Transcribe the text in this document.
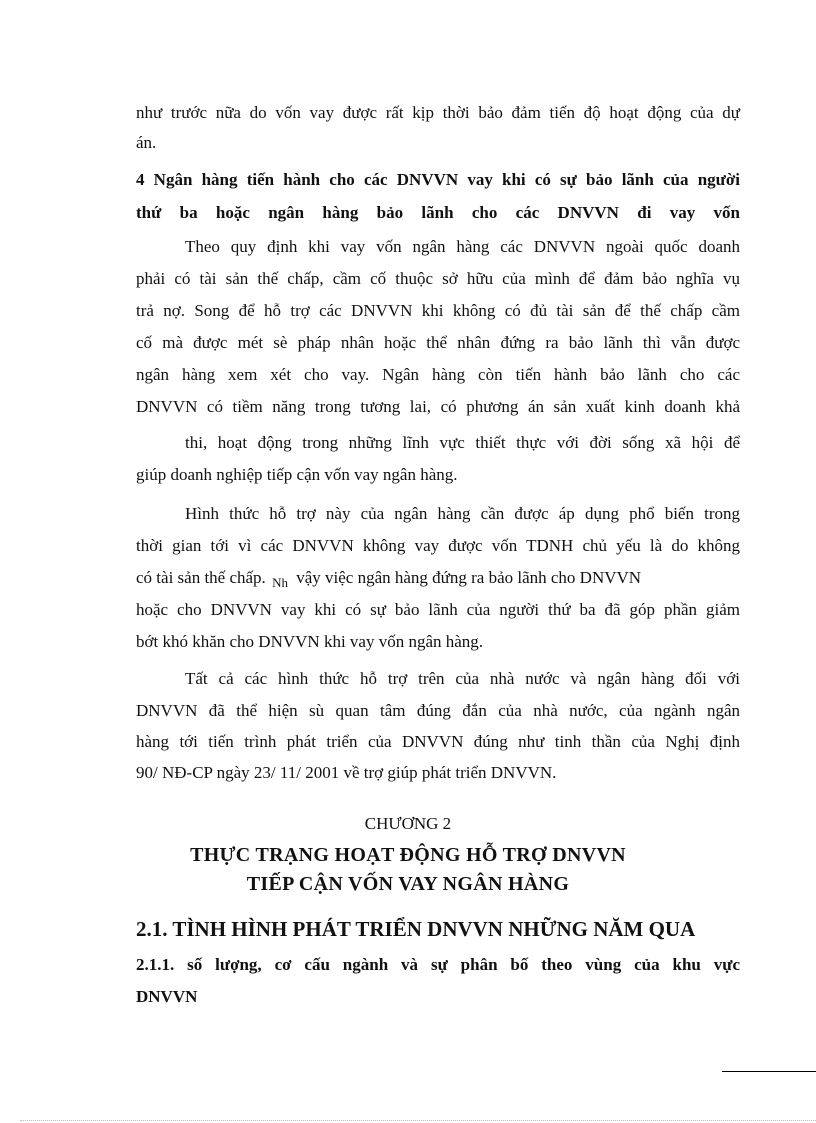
như trước nữa do vốn vay được rất kịp thời bảo đảm tiến độ hoạt động của dự
án.
4 Ngân hàng tiến hành cho các DNVVN vay khi có sự bảo lãnh của người
thứ ba hoặc ngân hàng bảo lãnh cho các DNVVN đi vay vốn
Theo quy định khi vay vốn ngân hàng các DNVVN ngoài quốc doanh
phải có tài sản thế chấp, cầm cố thuộc sở hữu của mình để đảm bảo nghĩa vụ
trả nợ. Song để hỗ trợ các DNVVN khi không có đủ tài sản để thế chấp cầm
cố mà được mét sè pháp nhân hoặc thể nhân đứng ra bảo lãnh thì vẫn được
ngân hàng xem xét cho vay. Ngân hàng còn tiến hành bảo lãnh cho các
DNVVN có tiềm năng trong tương lai, có phương án sản xuất kinh doanh khả
thi, hoạt động trong những lĩnh vực thiết thực với đời sống xã hội để
giúp doanh nghiệp tiếp cận vốn vay ngân hàng.
Hình thức hỗ trợ này của ngân hàng cần được áp dụng phổ biến trong
thời gian tới vì các DNVVN không vay được vốn TDNH chủ yếu là do không
có tài sản thế chấp. $_{Nh}$ vậy việc ngân hàng đứng ra bảo lãnh cho DNVVN
hoặc cho DNVVN vay khi có sự bảo lãnh của người thứ ba đã góp phần giảm
bớt khó khăn cho DNVVN khi vay vốn ngân hàng.
Tất cả các hình thức hỗ trợ trên của nhà nước và ngân hàng đối với
DNVVN đã thể hiện sù quan tâm đúng đắn của nhà nước, của ngành ngân
hàng tới tiến trình phát triển của DNVVN đúng như tinh thần của Nghị định
90/ NĐ-CP ngày 23/ 11/ 2001 về trợ giúp phát triển DNVVN.
CHƯƠNG 2
THỰC TRẠNG HOẠT ĐỘNG HỖ TRỢ DNVVN
TIẾP CẬN VỐN VAY NGÂN HÀNG
2.1. TÌNH HÌNH PHÁT TRIỂN DNVVN NHỮNG NĂM QUA
2.1.1. số lượng, cơ cấu ngành và sự phân bố theo vùng của khu vực
DNVVN
